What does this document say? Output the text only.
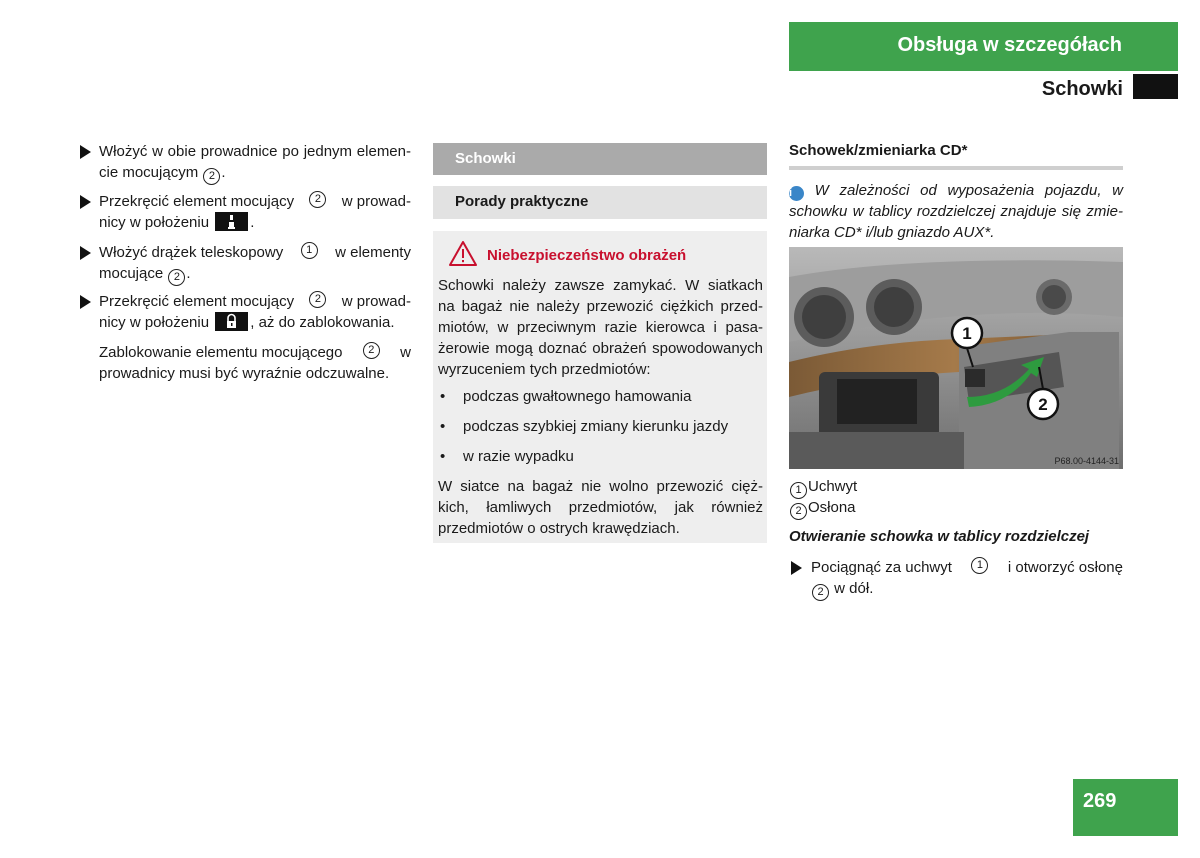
Obsługa w szczegółach
Schowki
Włożyć w obie prowadnice po jednym elemen-
cie mocującym 2 .
Przekręcić element mocujący	2	w prowad-
nicy w położeniu	.
Włożyć drążek teleskopowy	1	w elementy
mocujące 2 .
Przekręcić element mocujący	2	w prowad-
nicy w położeniu	, aż do zablokowania.
Zablokowanie elementu mocującego	2	w
prowadnicy musi być wyraźnie odczuwalne.
Schowki
Porady praktyczne
Niebezpieczeństwo obrażeń
Schowki należy zawsze zamykać. W siatkach
na bagaż nie należy przewozić ciężkich przed-
miotów, w przeciwnym razie kierowca i pasa-
żerowie mogą doznać obrażeń spowodowanych
wyrzuceniem tych przedmiotów:
• podczas gwałtownego hamowania
• podczas szybkiej zmiany kierunku jazdy
• w razie wypadku
W siatce na bagaż nie wolno przewozić cięż-
kich, łamliwych przedmiotów, jak również
przedmiotów o ostrych krawędziach.
Schowek/zmieniarka CD*
i W zależności od wyposażenia pojazdu, w
schowku w tablicy rozdzielczej znajduje się zmie-
niarka CD* i/lub gniazdo AUX*.
1
2
P68.00-4144-31
1 Uchwyt
2 Osłona
Otwieranie schowka w tablicy rozdzielczej
Pociągnąć za uchwyt	1	i otworzyć osłonę
2 w dół.
269
